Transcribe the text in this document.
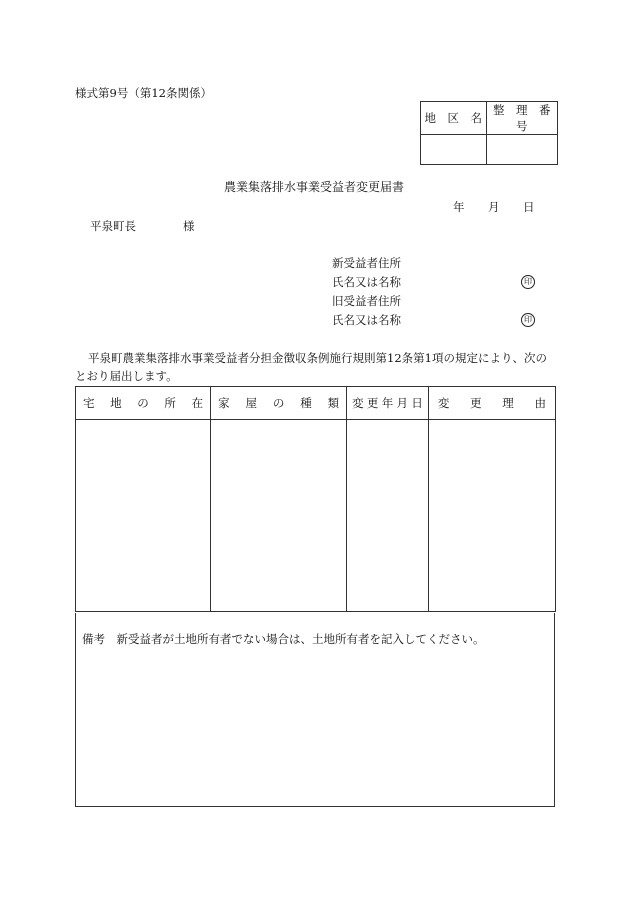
様式第9号（第12条関係）
地　区　名	整　理　番　号

農業集落排水事業受益者変更届書
年 月 日
平泉町長	様
新受益者住所
氏名又は名称	印
旧受益者住所
氏名又は名称	印
平泉町農業集落排水事業受益者分担金徴収条例施行規則第12条第1項の規定により、次の
とおり届出します。
宅 地 の 所 在	家 屋 の 種 類	変 更 年 月 日	変 更 理 由

備考　新受益者が土地所有者でない場合は、土地所有者を記入してください。
